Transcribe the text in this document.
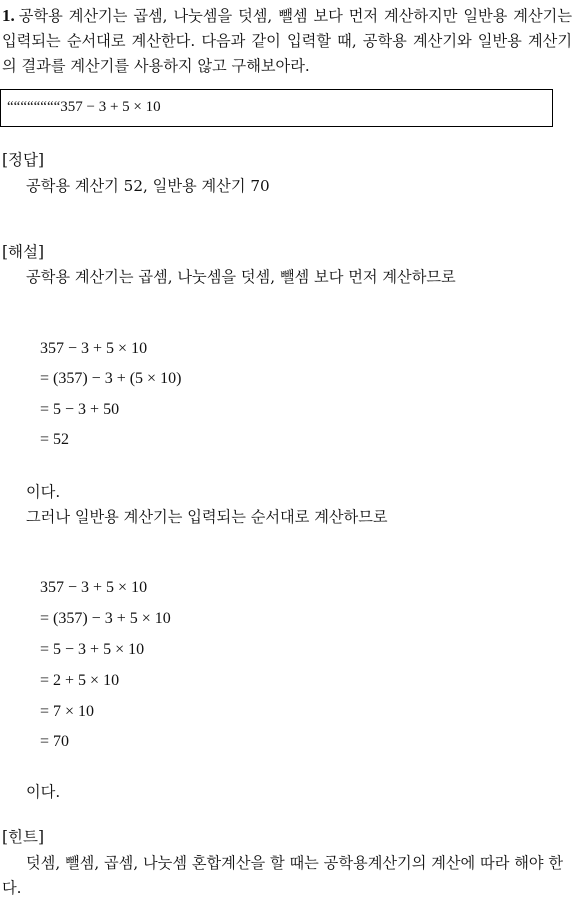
1. 공학용 계산기는 곱셈, 나눗셈을 덧셈, 뺄셈 보다 먼저 계산하지만 일반용 계산기는 입력되는 순서대로 계산한다. 다음과 같이 입력할 때, 공학용 계산기와 일반용 계산기의 결과를 계산기를 사용하지 않고 구해보아라.
““““““““357 − 3 + 5 × 10
[정답]
공학용 계산기 52, 일반용 계산기 70
[해설]
공학용 계산기는 곱셈, 나눗셈을 덧셈, 뺄셈 보다 먼저 계산하므로
357 − 3 + 5 × 10
= (357) − 3 + (5 × 10)
= 5 − 3 + 50
= 52
이다.
그러나 일반용 계산기는 입력되는 순서대로 계산하므로
357 − 3 + 5 × 10
= (357) − 3 + 5 × 10
= 5 − 3 + 5 × 10
= 2 + 5 × 10
= 7 × 10
= 70
이다.
[힌트]
덧셈, 뺄셈, 곱셈, 나눗셈 혼합계산을 할 때는 공학용계산기의 계산에 따라 해야 한다.
